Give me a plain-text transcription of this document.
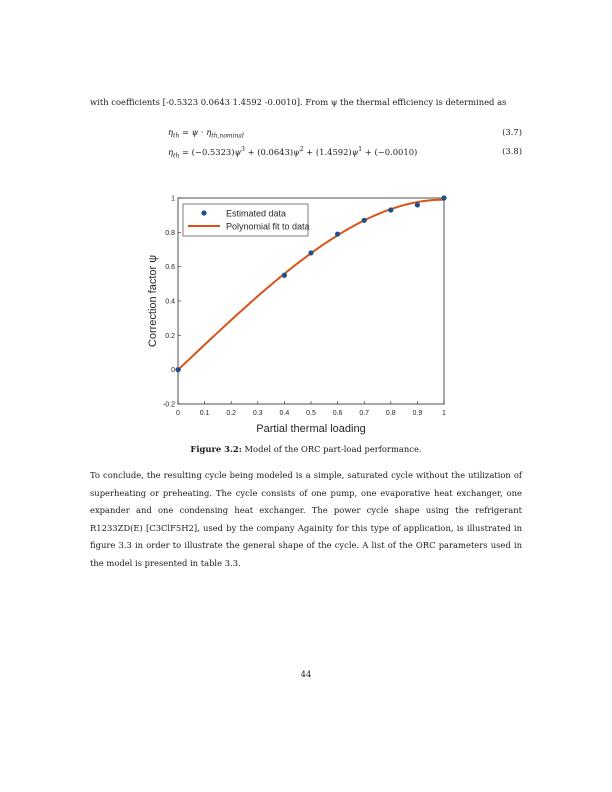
with coefficients [-0.5323 0.0643 1.4592 -0.0010]. From ψ the thermal efficiency is determined as

$\eta_{th} = \psi \cdot \eta_{th,nominal}$	(3.7)
$\eta_{th} = (-0.5323)\psi^3 + (0.0643)\psi^2 + (1.4592)\psi^1 + (-0.0010)$	(3.8)
0	0.1 0.2 0.3 0.4 0.5 0.6 0.7 0.8 0.9	1
-0.2
0
0.2
0.4
0.6
0.8
1
Estimated data
Polynomial fit to data
Partial thermal loading
Correction factor ψ
Figure 3.2: Model of the ORC part-load performance.

To conclude, the resulting cycle being modeled is a simple, saturated cycle without the utilization of superheating or preheating. The cycle consists of one pump, one evaporative heat exchanger, one expander and one condensing heat exchanger. The power cycle shape using the refrigerant R1233ZD(E) [C3ClF5H2], used by the company Againity for this type of application, is illustrated in figure 3.3 in order to illustrate the general shape of the cycle. A list of the ORC parameters used in the model is presented in table 3.3.

44
